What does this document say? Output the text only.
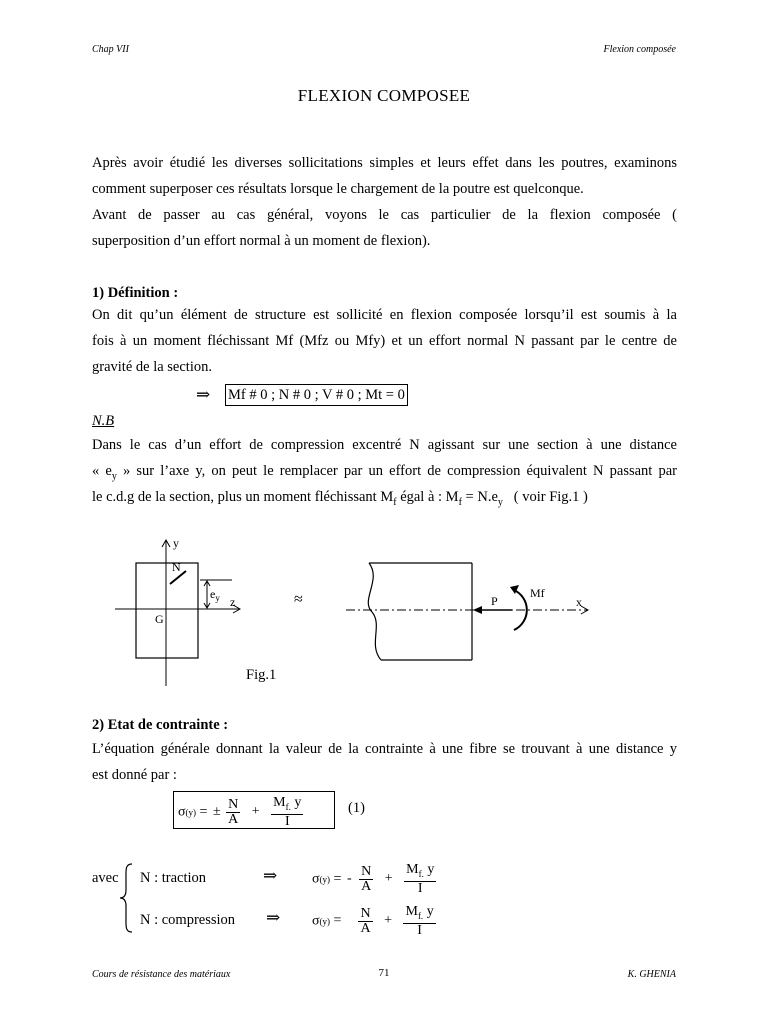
Chap VII	Flexion composée
FLEXION COMPOSEE
Après avoir étudié les diverses sollicitations simples et leurs effet dans les poutres, examinons
comment superposer ces résultats lorsque le chargement de la poutre est quelconque.
Avant de passer au cas général, voyons le cas particulier de la flexion composée (
superposition d’un effort normal à un moment de flexion).
1) Définition :
On dit qu’un élément de structure est sollicité en flexion composée lorsqu’il est soumis à la
fois à un moment fléchissant Mf (Mfz ou Mfy) et un effort normal N passant par le centre de
gravité de la section.
⇒ Mf # 0 ; N # 0 ; V # 0 ; Mt = 0
N.B
Dans le cas d’un effort de compression excentré N agissant sur une section à une distance
« $e_y$ » sur l’axe y, on peut le remplacer par un effort de compression équivalent N passant par
le c.d.g de la section, plus un moment fléchissant $M_f$ égal à : $M_f = N.e_y$   ( voir Fig.1 )
y
N
$e_y$ z
G
≈	P
Mf
x
Fig.1
2) Etat de contrainte :
L’équation générale donnant la valeur de la contrainte à une fibre se trouvant à une distance y
est donné par :
σ(y) = ± $\frac{N}{A} + \frac{M_{f.} y}{I}$	(1)
avec N : traction	⇒ σ(y) = - $\frac{N}{A} + \frac{M_{f.} y}{I}$
N : compression ⇒ $\sigma(y) = \frac{N}{A} + \frac{M_{f.} y}{I}$
Cours de résistance des matériaux	71	K. GHENIA
